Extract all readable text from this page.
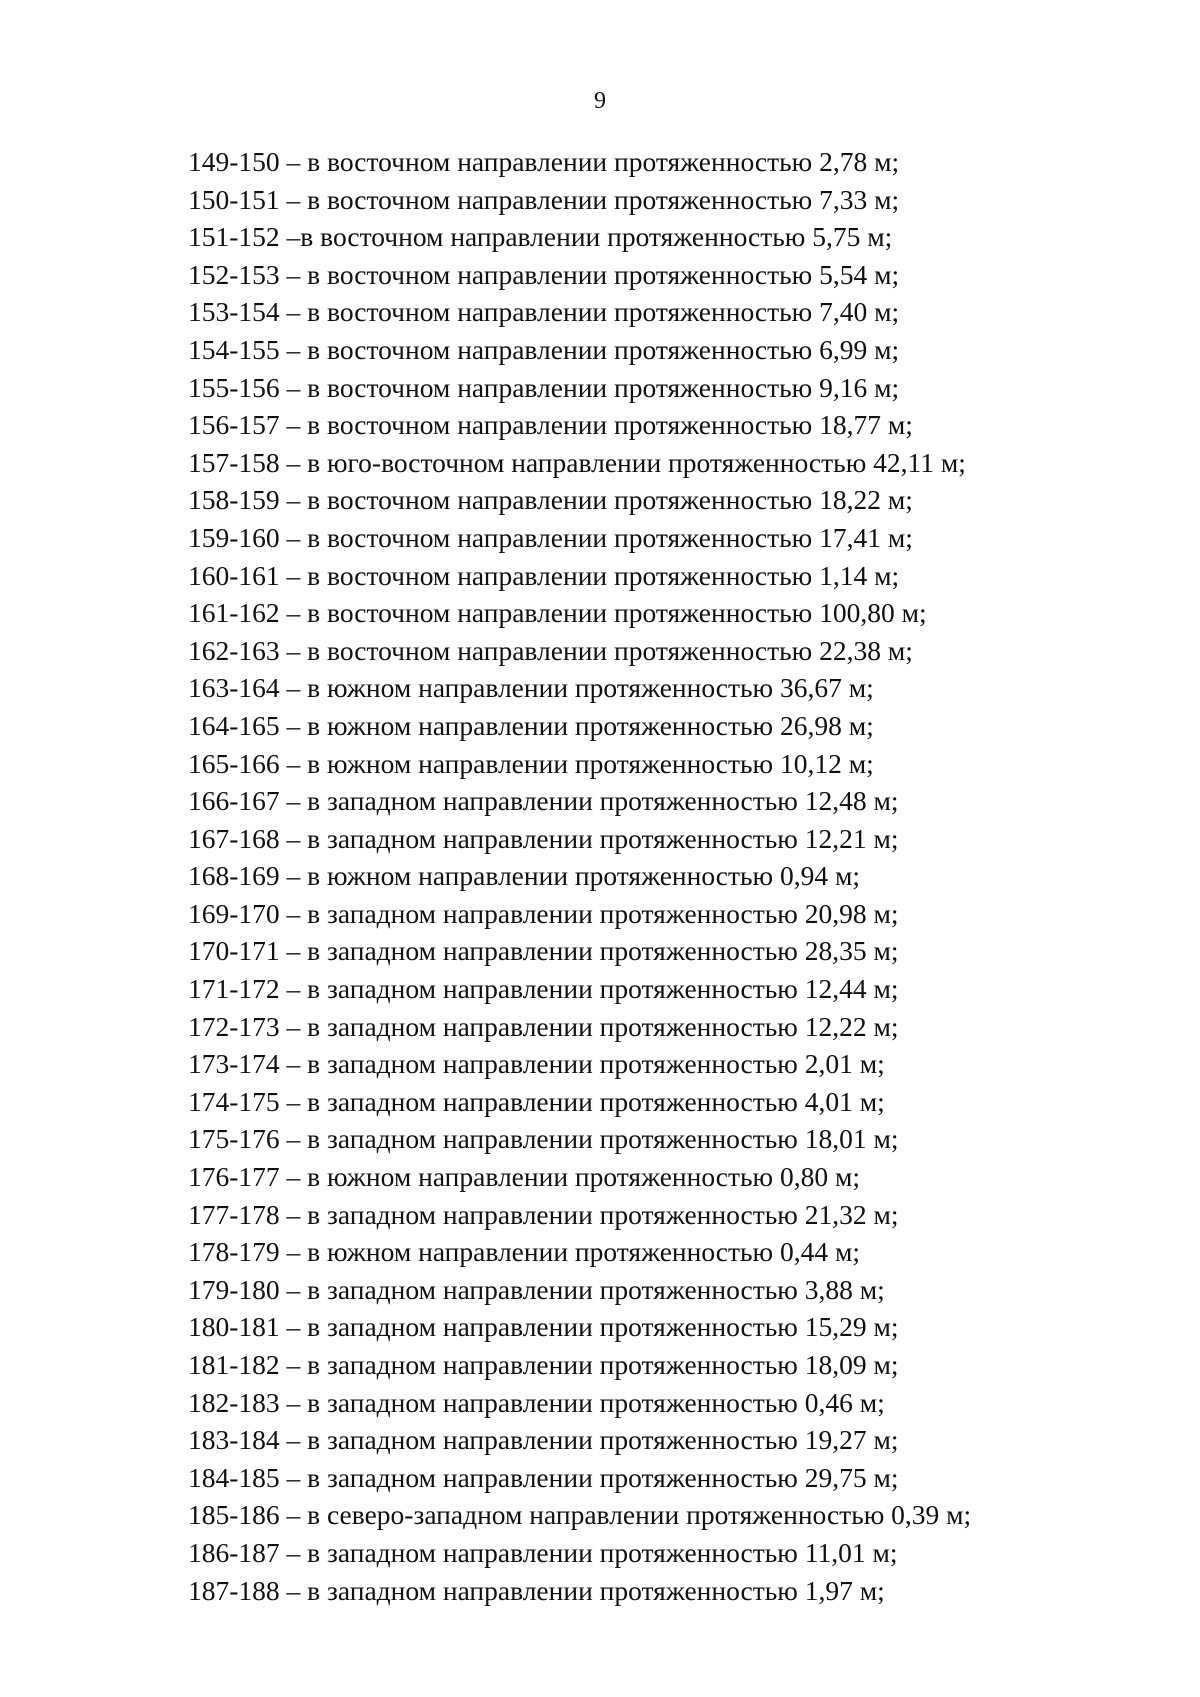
9
149-150 – в восточном направлении протяженностью 2,78 м;
150-151 – в восточном направлении протяженностью 7,33 м;
151-152 –в восточном направлении протяженностью 5,75 м;
152-153 – в восточном направлении протяженностью 5,54 м;
153-154 – в восточном направлении протяженностью 7,40 м;
154-155 – в восточном направлении протяженностью 6,99 м;
155-156 – в восточном направлении протяженностью 9,16 м;
156-157 – в восточном направлении протяженностью 18,77 м;
157-158 – в юго-восточном направлении протяженностью 42,11 м;
158-159 – в восточном направлении протяженностью 18,22 м;
159-160 – в восточном направлении протяженностью 17,41 м;
160-161 – в восточном направлении протяженностью 1,14 м;
161-162 – в восточном направлении протяженностью 100,80 м;
162-163 – в восточном направлении протяженностью 22,38 м;
163-164 – в южном направлении протяженностью 36,67 м;
164-165 – в южном направлении протяженностью 26,98 м;
165-166 – в южном направлении протяженностью 10,12 м;
166-167 – в западном направлении протяженностью 12,48 м;
167-168 – в западном направлении протяженностью 12,21 м;
168-169 – в южном направлении протяженностью 0,94 м;
169-170 – в западном направлении протяженностью 20,98 м;
170-171 – в западном направлении протяженностью 28,35 м;
171-172 – в западном направлении протяженностью 12,44 м;
172-173 – в западном направлении протяженностью 12,22 м;
173-174 – в западном направлении протяженностью 2,01 м;
174-175 – в западном направлении протяженностью 4,01 м;
175-176 – в западном направлении протяженностью 18,01 м;
176-177 – в южном направлении протяженностью 0,80 м;
177-178 – в западном направлении протяженностью 21,32 м;
178-179 – в южном направлении протяженностью 0,44 м;
179-180 – в западном направлении протяженностью 3,88 м;
180-181 – в западном направлении протяженностью 15,29 м;
181-182 – в западном направлении протяженностью 18,09 м;
182-183 – в западном направлении протяженностью 0,46 м;
183-184 – в западном направлении протяженностью 19,27 м;
184-185 – в западном направлении протяженностью 29,75 м;
185-186 – в северо-западном направлении протяженностью 0,39 м;
186-187 – в западном направлении протяженностью 11,01 м;
187-188 – в западном направлении протяженностью 1,97 м;
